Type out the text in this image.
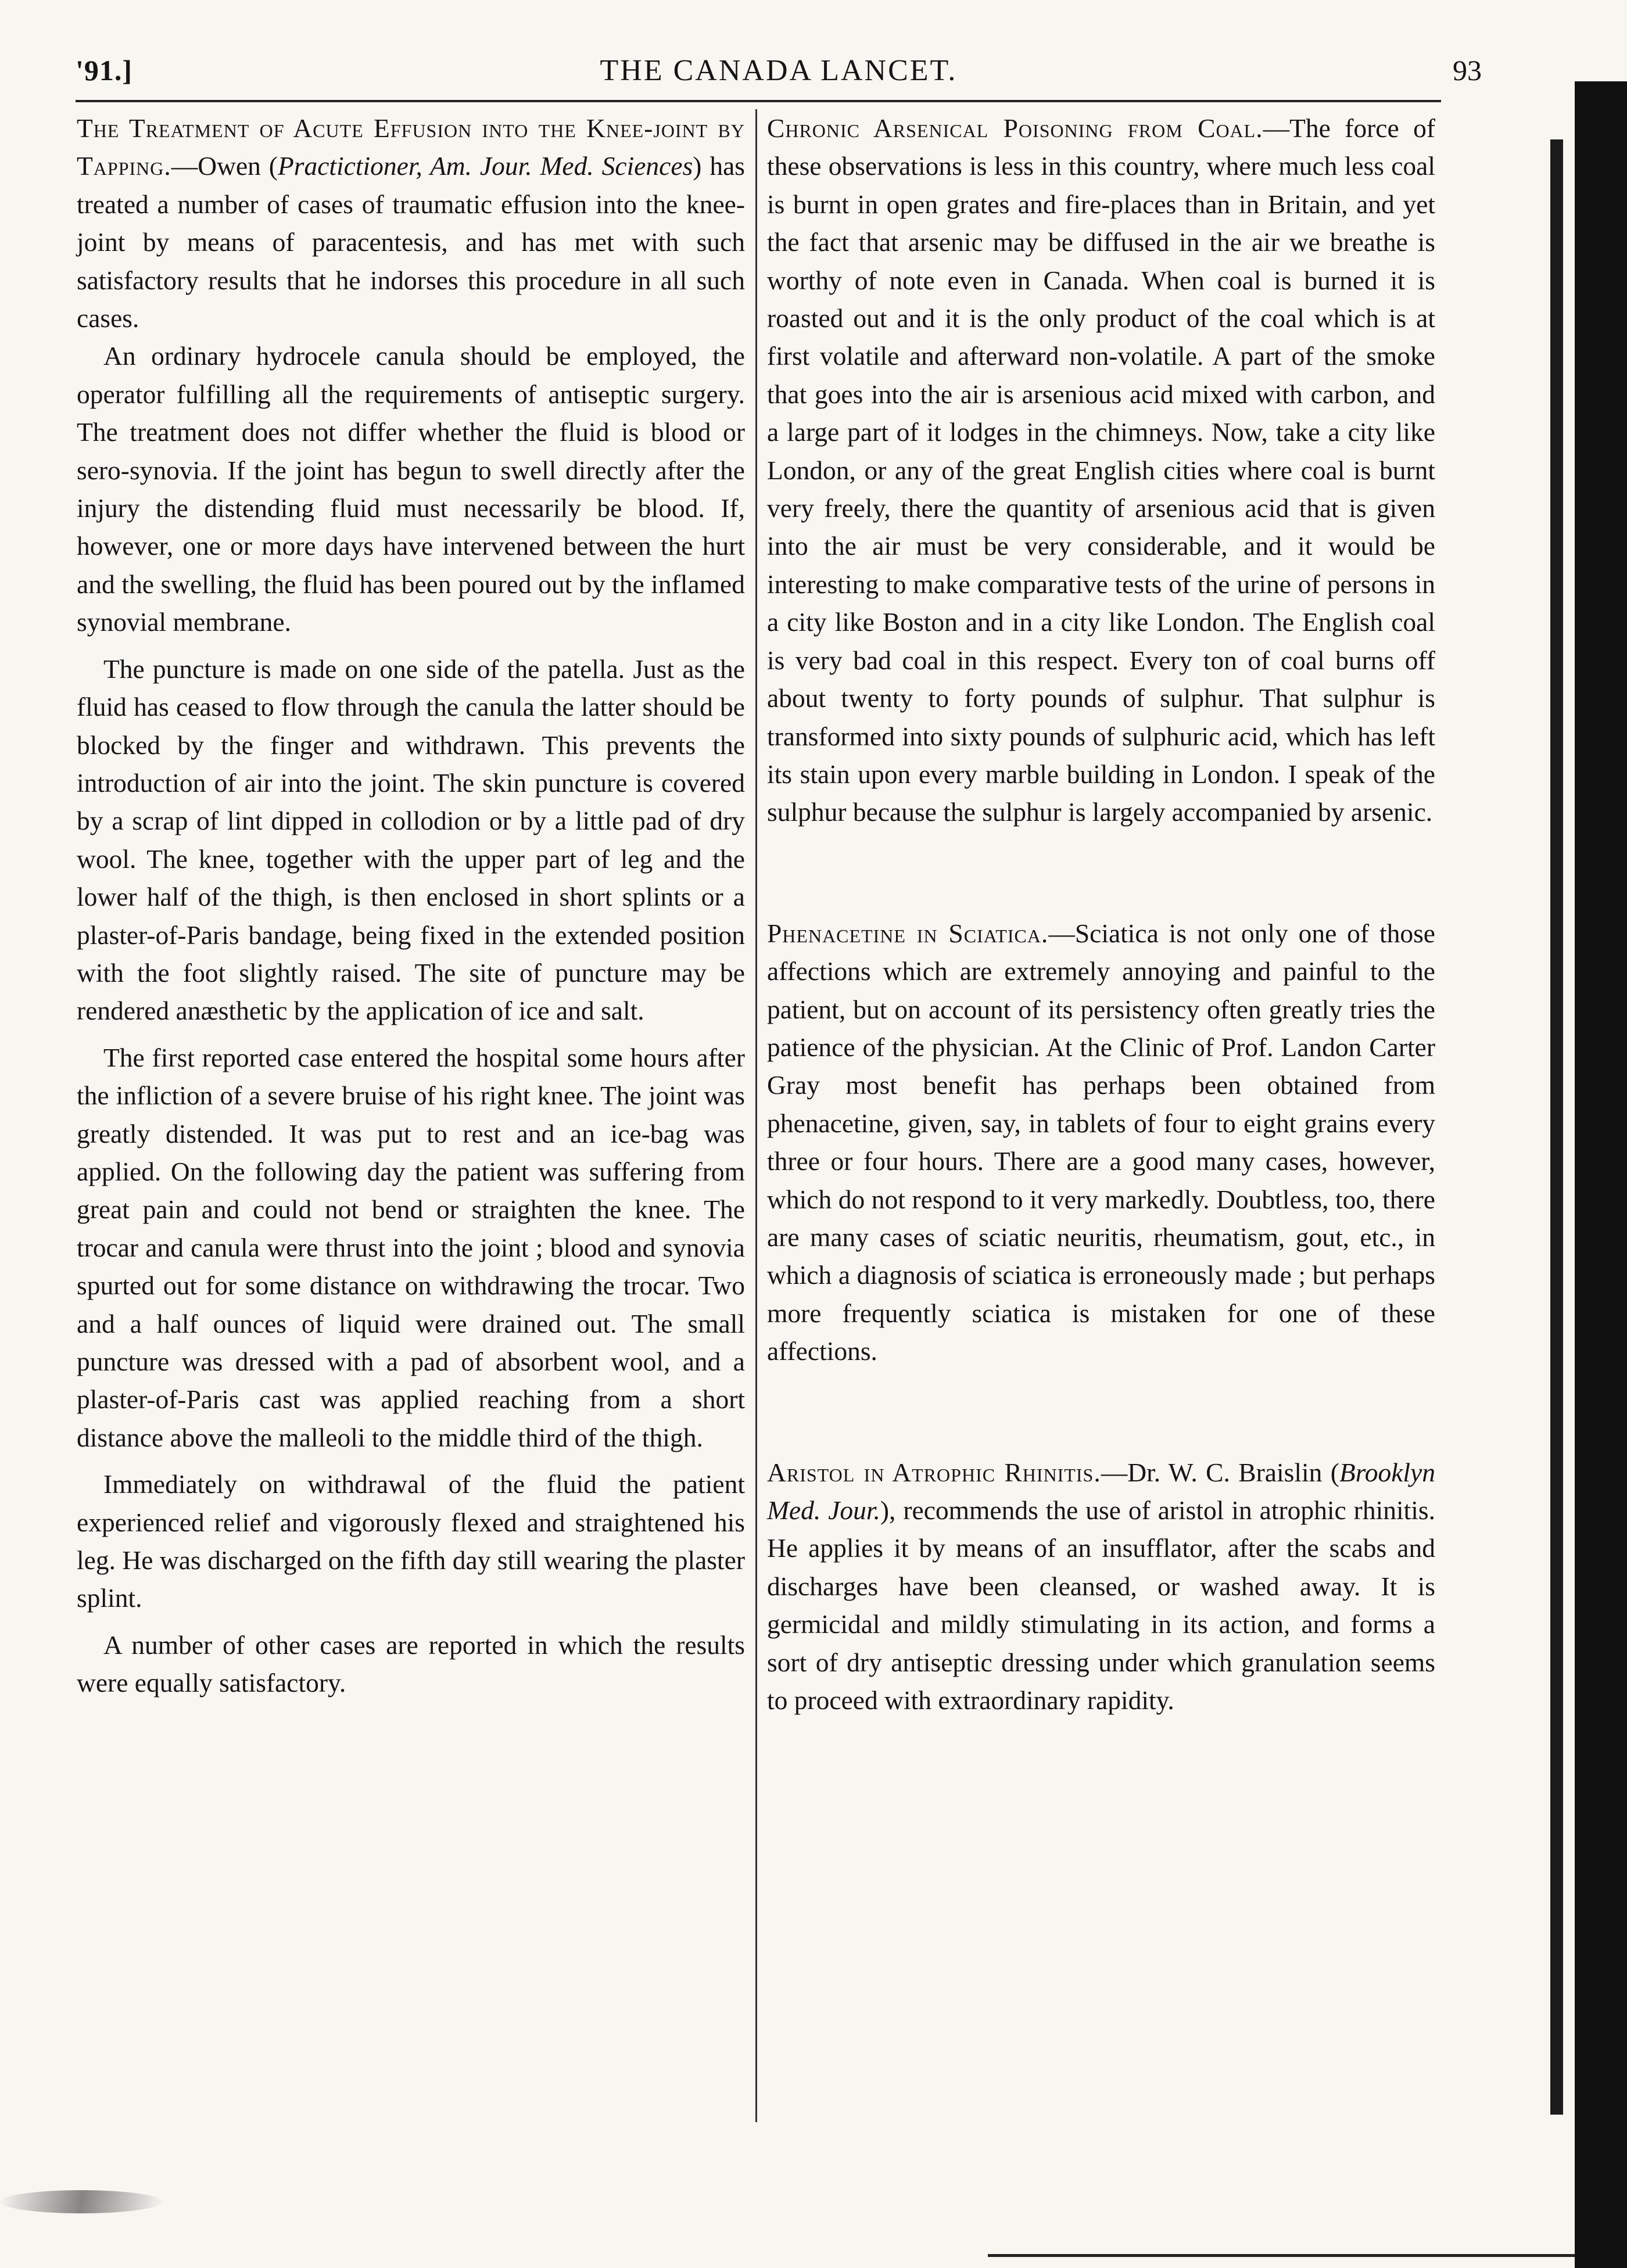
'91.]	THE CANADA LANCET.	93

The Treatment of Acute Effusion into the Knee-joint by Tapping.—Owen (Practictioner, Am. Jour. Med. Sciences) has treated a number of cases of traumatic effusion into the knee-joint by means of paracentesis, and has met with such satisfactory results that he indorses this procedure in all such cases.

An ordinary hydrocele canula should be employed, the operator fulfilling all the requirements of antiseptic surgery. The treatment does not differ whether the fluid is blood or sero-synovia. If the joint has begun to swell directly after the injury the distending fluid must necessarily be blood. If, however, one or more days have intervened between the hurt and the swelling, the fluid has been poured out by the inflamed synovial membrane.

The puncture is made on one side of the patella. Just as the fluid has ceased to flow through the canula the latter should be blocked by the finger and withdrawn. This prevents the introduction of air into the joint. The skin puncture is covered by a scrap of lint dipped in collodion or by a little pad of dry wool. The knee, together with the upper part of leg and the lower half of the thigh, is then enclosed in short splints or a plaster-of-Paris bandage, being fixed in the extended position with the foot slightly raised. The site of puncture may be rendered anæsthetic by the application of ice and salt.

The first reported case entered the hospital some hours after the infliction of a severe bruise of his right knee. The joint was greatly distended. It was put to rest and an ice-bag was applied. On the following day the patient was suffering from great pain and could not bend or straighten the knee. The trocar and canula were thrust into the joint ; blood and synovia spurted out for some distance on withdrawing the trocar. Two and a half ounces of liquid were drained out. The small puncture was dressed with a pad of absorbent wool, and a plaster-of-Paris cast was applied reaching from a short distance above the malleoli to the middle third of the thigh.

Immediately on withdrawal of the fluid the patient experienced relief and vigorously flexed and straightened his leg. He was discharged on the fifth day still wearing the plaster splint.

A number of other cases are reported in which the results were equally satisfactory.

Chronic Arsenical Poisoning from Coal.—The force of these observations is less in this country, where much less coal is burnt in open grates and fire-places than in Britain, and yet the fact that arsenic may be diffused in the air we breathe is worthy of note even in Canada. When coal is burned it is roasted out and it is the only product of the coal which is at first volatile and afterward non-volatile. A part of the smoke that goes into the air is arsenious acid mixed with carbon, and a large part of it lodges in the chimneys. Now, take a city like London, or any of the great English cities where coal is burnt very freely, there the quantity of arsenious acid that is given into the air must be very considerable, and it would be interesting to make comparative tests of the urine of persons in a city like Boston and in a city like London. The English coal is very bad coal in this respect. Every ton of coal burns off about twenty to forty pounds of sulphur. That sulphur is transformed into sixty pounds of sulphuric acid, which has left its stain upon every marble building in London. I speak of the sulphur because the sulphur is largely accompanied by arsenic.

Phenacetine in Sciatica.—Sciatica is not only one of those affections which are extremely annoying and painful to the patient, but on account of its persistency often greatly tries the patience of the physician. At the Clinic of Prof. Landon Carter Gray most benefit has perhaps been obtained from phenacetine, given, say, in tablets of four to eight grains every three or four hours. There are a good many cases, however, which do not respond to it very markedly. Doubtless, too, there are many cases of sciatic neuritis, rheumatism, gout, etc., in which a diagnosis of sciatica is erroneously made ; but perhaps more frequently sciatica is mistaken for one of these affections.

Aristol in Atrophic Rhinitis.—Dr. W. C. Braislin (Brooklyn Med. Jour.), recommends the use of aristol in atrophic rhinitis. He applies it by means of an insufflator, after the scabs and discharges have been cleansed, or washed away. It is germicidal and mildly stimulating in its action, and forms a sort of dry antiseptic dressing under which granulation seems to proceed with extraordinary rapidity.
